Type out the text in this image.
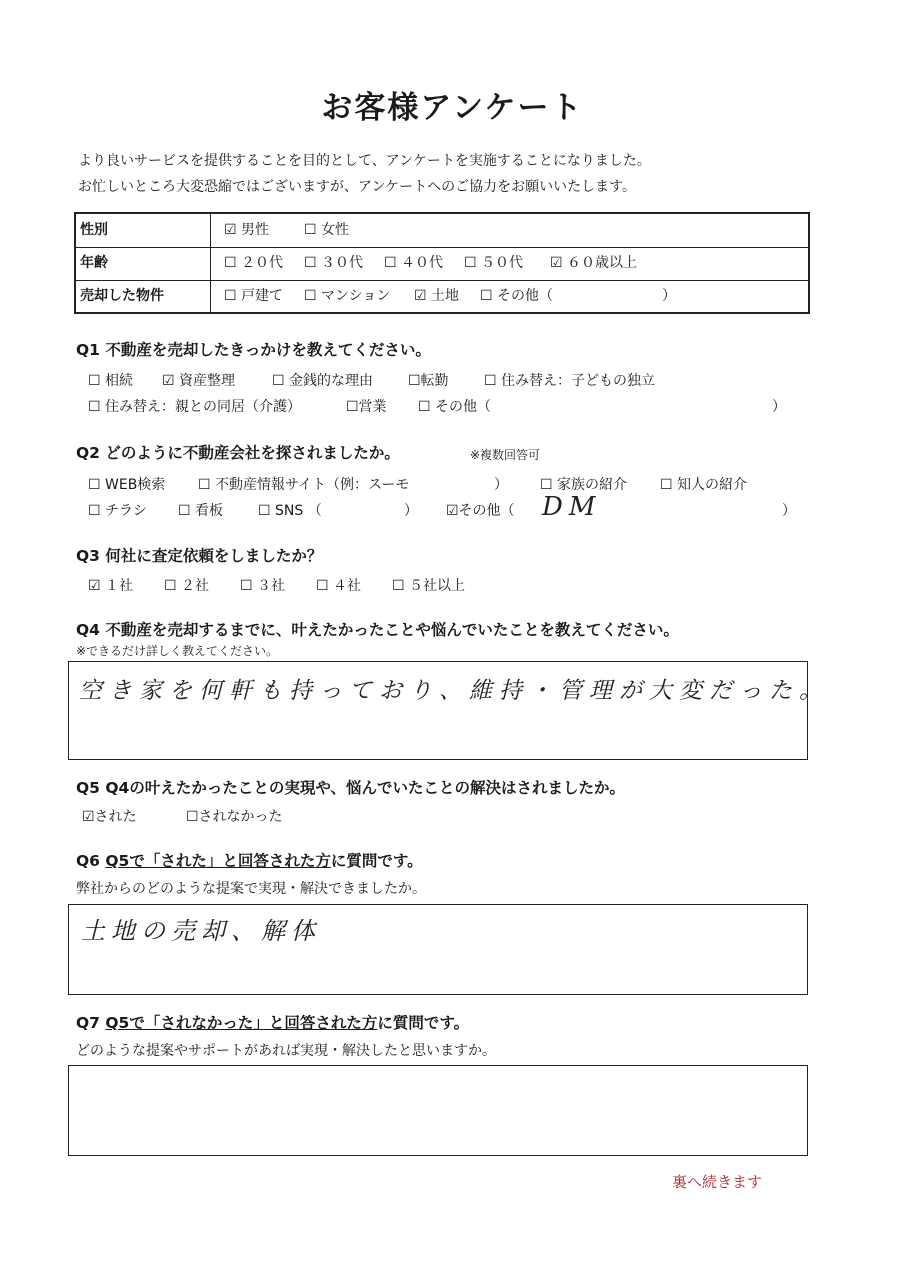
お客様アンケート
より良いサービスを提供することを目的として、アンケートを実施することになりました。
お忙しいところ大変恐縮ではございますが、アンケートへのご協力をお願いいたします。
性別	☑ 男性 ☐ 女性
年齢	☐ ２０代 ☐ ３０代 ☐ ４０代 ☐ ５０代 ☑ ６０歳以上
売却した物件	☐ 戸建て ☐ マンション ☑ 土地 ☐ その他（	）
Q1 不動産を売却したきっかけを教えてください。
☐ 相続 ☑ 資産整理	☐ 金銭的な理由 ☐転勤	☐ 住み替え：子どもの独立
☐ 住み替え：親との同居（介護）	☐営業 ☐ その他（	）
Q2 どのように不動産会社を探されましたか。	※複数回答可
☐ WEB検索 ☐ 不動産情報サイト（例：スーモ	） ☐ 家族の紹介 ☐ 知人の紹介
☐ チラシ ☐ 看板 ☐ SNS （	） ☑その他（ DM	）
Q3 何社に査定依頼をしましたか？
☑ １社 ☐ ２社 ☐ ３社 ☐ ４社 ☐ ５社以上
Q4 不動産を売却するまでに、叶えたかったことや悩んでいたことを教えてください。
※できるだけ詳しく教えてください。
空き家を何軒も持っており、維持・管理が大変だった。
Q5 Q4の叶えたかったことの実現や、悩んでいたことの解決はされましたか。
☑された	☐されなかった
Q6 Q5で「された」と回答された方に質問です。
弊社からのどのような提案で実現・解決できましたか。
土地の売却、解体
Q7 Q5で「されなかった」と回答された方に質問です。
どのような提案やサポートがあれば実現・解決したと思いますか。
裏へ続きます
